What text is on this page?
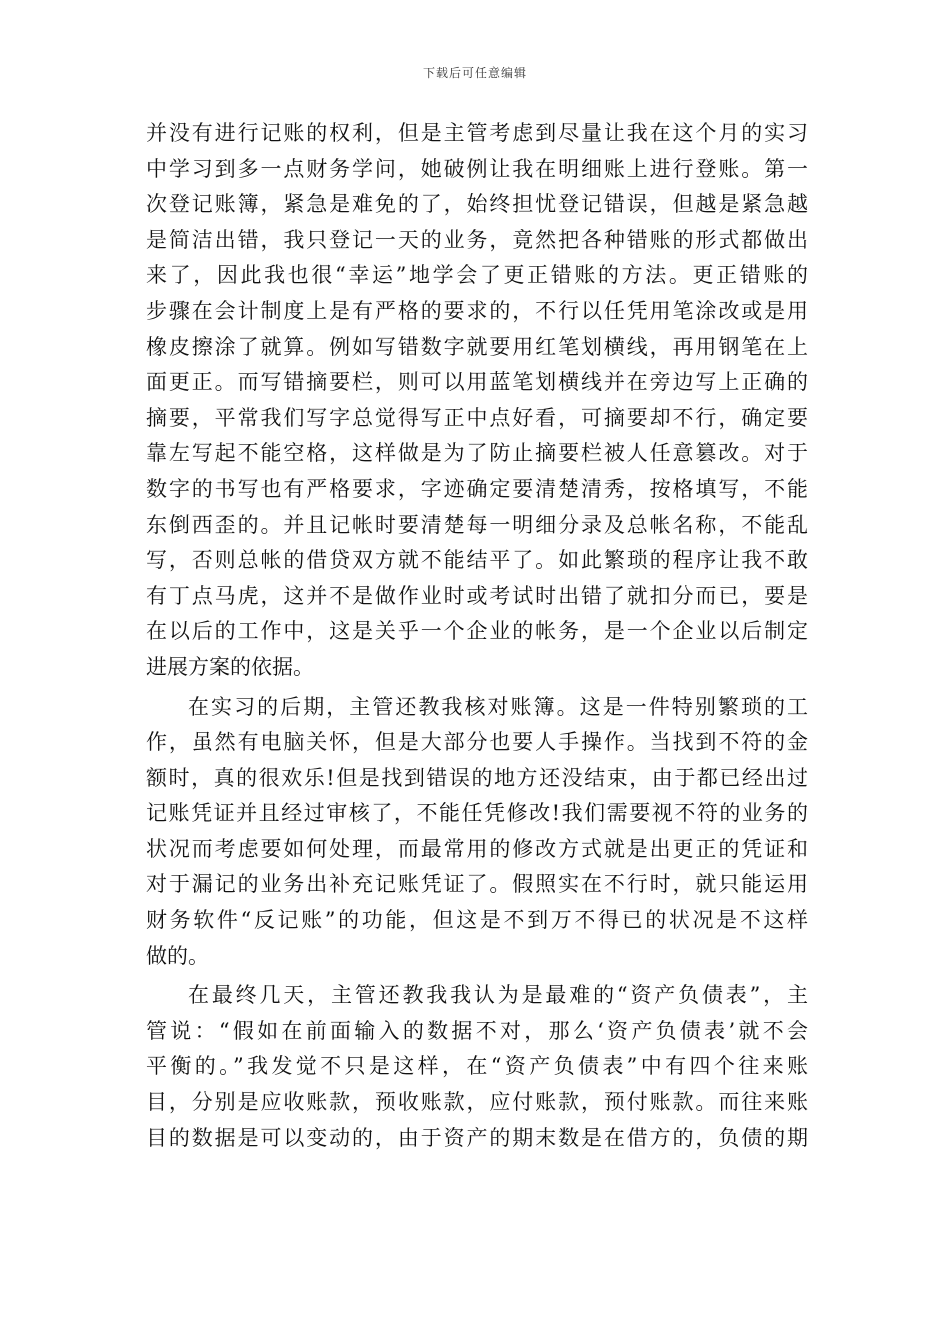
下载后可任意编辑
并没有进行记账的权利，但是主管考虑到尽量让我在这个月的实习
中学习到多一点财务学问，她破例让我在明细账上进行登账。第一
次登记账簿，紧急是难免的了，始终担忧登记错误，但越是紧急越
是简洁出错，我只登记一天的业务，竟然把各种错账的形式都做出
来了，因此我也很“幸运”地学会了更正错账的方法。更正错账的
步骤在会计制度上是有严格的要求的，不行以任凭用笔涂改或是用
橡皮擦涂了就算。例如写错数字就要用红笔划横线，再用钢笔在上
面更正。而写错摘要栏，则可以用蓝笔划横线并在旁边写上正确的
摘要，平常我们写字总觉得写正中点好看，可摘要却不行，确定要
靠左写起不能空格，这样做是为了防止摘要栏被人任意篡改。对于
数字的书写也有严格要求，字迹确定要清楚清秀，按格填写，不能
东倒西歪的。并且记帐时要清楚每一明细分录及总帐名称，不能乱
写，否则总帐的借贷双方就不能结平了。如此繁琐的程序让我不敢
有丁点马虎，这并不是做作业时或考试时出错了就扣分而已，要是
在以后的工作中，这是关乎一个企业的帐务，是一个企业以后制定
进展方案的依据。
在实习的后期，主管还教我核对账簿。这是一件特别繁琐的工
作，虽然有电脑关怀，但是大部分也要人手操作。当找到不符的金
额时，真的很欢乐!但是找到错误的地方还没结束，由于都已经出过
记账凭证并且经过审核了，不能任凭修改!我们需要视不符的业务的
状况而考虑要如何处理，而最常用的修改方式就是出更正的凭证和
对于漏记的业务出补充记账凭证了。假照实在不行时，就只能运用
财务软件“反记账”的功能，但这是不到万不得已的状况是不这样
做的。
在最终几天，主管还教我我认为是最难的“资产负债表”，主
管说：“假如在前面输入的数据不对，那么‘资产负债表’就不会
平衡的。”我发觉不只是这样，在“资产负债表”中有四个往来账
目，分别是应收账款，预收账款，应付账款，预付账款。而往来账
目的数据是可以变动的，由于资产的期末数是在借方的，负债的期
